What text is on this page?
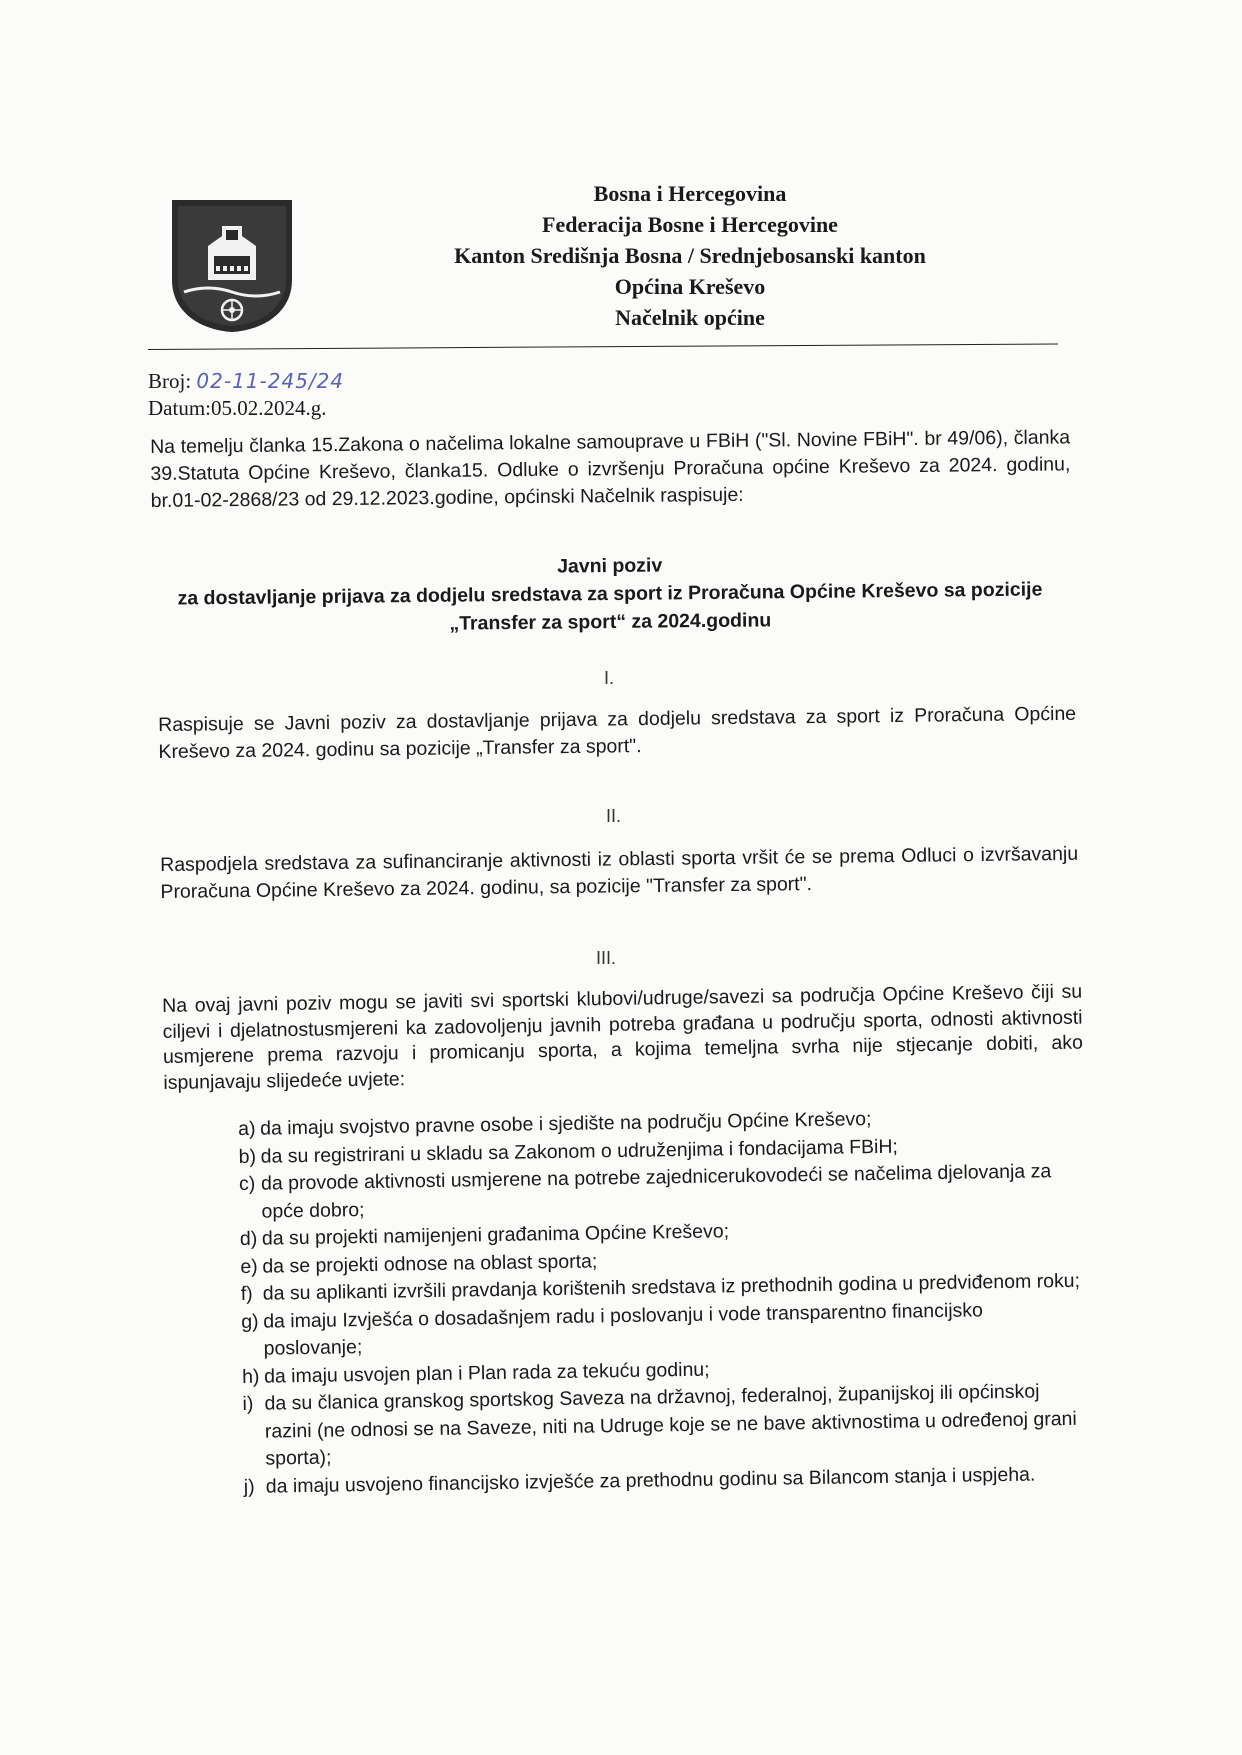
Bosna i Hercegovina
Federacija Bosne i Hercegovine
Kanton Središnja Bosna / Srednjebosanski kanton
Općina Kreševo
Načelnik općine
Broj: 02-11-245/24
Datum:05.02.2024.g.
Na temelju članka 15.Zakona o načelima lokalne samouprave u FBiH ("Sl. Novine FBiH". br 49/06), članka 39.Statuta Općine Kreševo, članka15. Odluke o izvršenju Proračuna općine Kreševo za 2024. godinu, br.01-02-2868/23 od 29.12.2023.godine, općinski Načelnik raspisuje:
Javni poziv
za dostavljanje prijava za dodjelu sredstava za sport iz Proračuna Općine Kreševo sa pozicije
„Transfer za sport“ za 2024.godinu
I.
Raspisuje se Javni poziv za dostavljanje prijava za dodjelu sredstava za sport iz Proračuna Općine Kreševo za 2024. godinu sa pozicije „Transfer za sport".
II.
Raspodjela sredstava za sufinanciranje aktivnosti iz oblasti sporta vršit će se prema Odluci o izvršavanju Proračuna Općine Kreševo za 2024. godinu, sa pozicije "Transfer za sport".
III.
Na ovaj javni poziv mogu se javiti svi sportski klubovi/udruge/savezi sa područja Općine Kreševo čiji su ciljevi i djelatnostusmjereni ka zadovoljenju javnih potreba građana u području sporta, odnosti aktivnosti usmjerene prema razvoju i promicanju sporta, a kojima temeljna svrha nije stjecanje dobiti, ako ispunjavaju slijedeće uvjete:
a) da imaju svojstvo pravne osobe i sjedište na području Općine Kreševo;
b) da su registrirani u skladu sa Zakonom o udruženjima i fondacijama FBiH;
c) da provode aktivnosti usmjerene na potrebe zajednicerukovodeći se načelima djelovanja za opće dobro;
d) da su projekti namijenjeni građanima Općine Kreševo;
e) da se projekti odnose na oblast sporta;
f) da su aplikanti izvršili pravdanja korištenih sredstava iz prethodnih godina u predviđenom roku;
g) da imaju Izvješća o dosadašnjem radu i poslovanju i vode transparentno financijsko poslovanje;
h) da imaju usvojen plan i Plan rada za tekuću godinu;
i) da su članica granskog sportskog Saveza na državnoj, federalnoj, županijskoj ili općinskoj razini (ne odnosi se na Saveze, niti na Udruge koje se ne bave aktivnostima u određenoj grani sporta);
j) da imaju usvojeno financijsko izvješće za prethodnu godinu sa Bilancom stanja i uspjeha.
